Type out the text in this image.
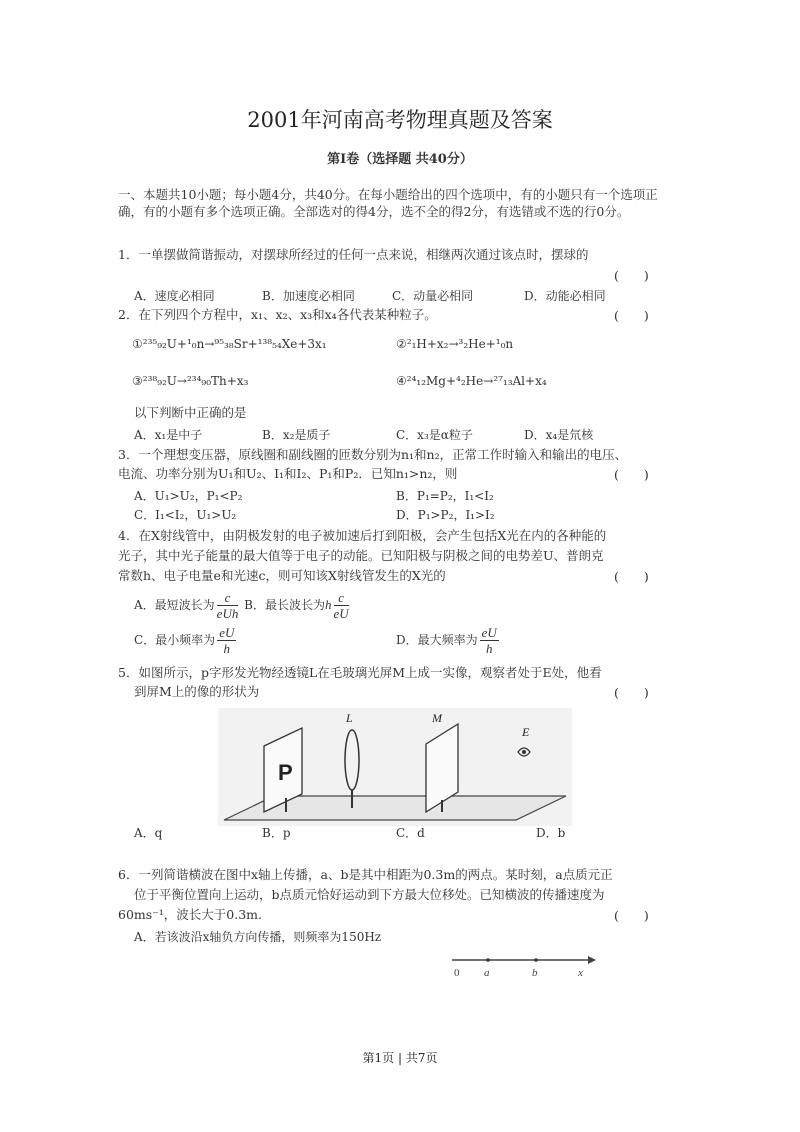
2001年河南高考物理真题及答案
第Ⅰ卷（选择题 共40分）
一、本题共10小题；每小题4分，共40分。在每小题给出的四个选项中，有的小题只有一个选项正确，有的小题有多个选项正确。全部选对的得4分，选不全的得2分，有选错或不选的行0分。
1．一单摆做简谐振动，对摆球所经过的任何一点来说，相继两次通过该点时，摆球的
(　　)
A．速度必相同	B．加速度必相同	C．动量必相同	D．动能必相同
2．在下列四个方程中，x₁、x₂、x₃和x₄各代表某种粒子。	(　　)
①²³⁵₉₂U+¹₀n→⁹⁵₃₈Sr+¹³⁸₅₄Xe+3x₁	②²₁H+x₂→³₂He+¹₀n
③²³⁸₉₂U→²³⁴₉₀Th+x₃	④²⁴₁₂Mg+⁴₂He→²⁷₁₃Al+x₄
以下判断中正确的是
A．x₁是中子	B．x₂是质子	C．x₃是α粒子	D．x₄是氘核
3．一个理想变压器，原线圈和副线圈的匝数分别为n₁和n₂，正常工作时输入和输出的电压、
电流、功率分别为U₁和U₂、I₁和I₂、P₁和P₂．已知n₁>n₂，则	(　　)
A．U₁>U₂，P₁<P₂	B．P₁=P₂，I₁<I₂
C．I₁<I₂，U₁>U₂	D．P₁>P₂，I₁>I₂
4．在X射线管中，由阴极发射的电子被加速后打到阳极，会产生包括X光在内的各种能的
光子，其中光子能量的最大值等于电子的动能。已知阳极与阴极之间的电势差U、普朗克
常数h、电子电量e和光速c，则可知该X射线管发生的X光的	(　　)
A．最短波长为 $\frac{c}{\text{eUh}}$ B．最长波长为h $\frac{c}{eU}$
C．最小频率为 $\frac{eU}{h}$	D．最大频率为 $\frac{eU}{h}$
5．如图所示，p字形发光物经透镜L在毛玻璃光屏M上成一实像，观察者处于E处，他看
到屏M上的像的形状为	(　　)
P
L	M
E
A．q	B．p	C．d	D．b
6．一列简谐横波在图中x轴上传播，a、b是其中相距为0.3m的两点。某时刻，a点质元正
位于平衡位置向上运动，b点质元恰好运动到下方最大位移处。已知横波的传播速度为
60ms⁻¹，波长大于0.3m.	(　　)
A．若该波沿x轴负方向传播，则频率为150Hz
0 a	b	x
第1页 | 共7页
